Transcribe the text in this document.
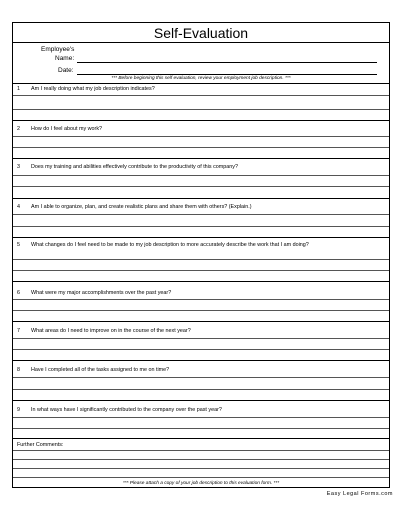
Self-Evaluation
Employee's
Name:
Date:
*** Before beginning this self evaluation, review your employment job description. ***
1 Am I really doing what my job description indicates?
2 How do I feel about my work?
3 Does my training and abilities effectively contribute to the productivity of this company?
4 Am I able to organize, plan, and create realistic plans and share them with others? (Explain.)
5 What changes do I feel need to be made to my job description to more accurately describe the work that I am doing?
6 What were my major accomplishments over the past year?
7 What areas do I need to improve on in the course of the next year?
8 Have I completed all of the tasks assigned to me on time?
9 In what ways have I significantly contributed to the company over the past year?
Further Comments:
*** Please attach a copy of your job description to this evaluation form. ***
Easy Legal Forms.com
